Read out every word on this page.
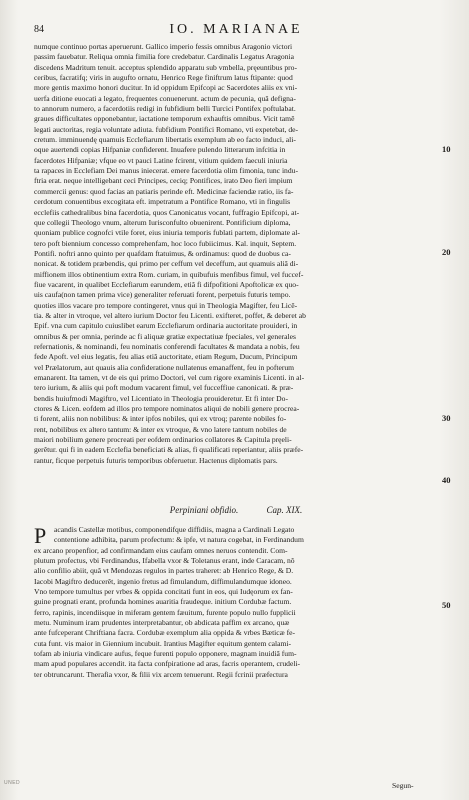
84	IO. MARIANAE
numque continuo portas aperuerunt. Gallico imperio fessis omnibus Aragonio victori
passim fauebatur. Reliqua omnia fimilia fore credebatur. Cardinalis Legatus Aragonia
discedens Madritum tenuit. acceptus splendido apparatu sub vmbella, pręeuntibus pro-
ceribus, facratifq; viris in augufto ornatu, Henrico Rege finiftrum latus ftipante: quod
more gentis maximo honori ducitur. In id oppidum Epifcopi ac Sacerdotes aliis ex vni-
uerfa ditione euocati a legato, frequentes conuenerunt. actum de pecunia, quã defigna-
to annorum numero, a facerdotiis redigi in fubfidium belli Turcici Pontifex poftulabat.
graues difficultates opponebantur, iactatione temporum exhauftis omnibus. Vicit tamẽ
legati auctoritas, regia voluntate adiuta. fubfidium Pontifici Romano, vti expetebat, de-
cretum. imminuendę quamuis Ecclefiarum libertatis exemplum ab eo facto induci, ali-
oque auertendi copias Hifpaniæ confiderent. Inuafere pulendo litterarum infcitia in
facerdotes Hifpaniæ; vfque eo vt pauci Latine fcirent, vitium quidem faeculi iniuria
ta rapaces in Ecclefiam Dei manus iniecerat. emere facerdotia olim fimonia, tunc indu-
ftria erat. neque intelligebant ceci Principes, ceciq; Pontifices, irato Deo fieri impium
commercii genus: quod facias an patiaris perinde eft. Medicinæ faciendæ ratio, iis fa-
cerdotum conuentibus excogitata eft. impetratum a Pontifice Romano, vti in fingulis
ecclefiis cathedralibus bina facerdotia, quos Canonicatus vocant, fuffragio Epifcopi, at-
que collegii Theologo vnum, alterum Iurisconfulto obuenirent. Pontificium diploma,
quoniam publice cognofci vtile foret, eius iniuria temporis fublati partem, diplomate al-
tero poft biennium concesso comprehenfam, hoc loco fubiicimus. Kal. inquit, Septem.
Pontifi. noftri anno quinto per quafdam ftatuimus, & ordinamus: quod de duobus ca-
nonicat. & totidem præbendis, qui primo per ceffum vel deceffum, aut quamuis aliã di-
miffionem illos obtinentium extra Rom. curiam, in quibufuis menfibus fimul, vel fuccef-
fiue vacarent, in qualibet Ecclefiarum earundem, etiã fi difpofitioni Apoftolicæ ex quo-
uis caufa(non tamen prima vice) generaliter referuati forent, perpetuis futuris tempo.
quoties illos vacare pro tempore contingeret, vnus qui in Theologia Magifter, feu Licẽ-
tia. & alter in vtroque, vel altero iurium Doctor feu Licenti. exifteret, poffet, & deberet ab
Epif. vna cum capitulo cuiuslibet earum Ecclefiarum ordinaria auctoritate prouideri, in
omnibus & per omnia, perinde ac fi aliquæ gratiæ expectatiuæ fpeciales, vel generales
refernationis, & nominandi, feu nominatis conferendi facultates & mandata a nobis, feu
fede Apoft. vel eius legatis, feu alias etiã auctoritate, etiam Regum, Ducum, Principum
vel Prælatorum, aut quauis alia confideratione nullatenus emanaffent, feu in pofterum
emanarent. Ita tamen, vt de eis qui primo Doctori, vel cum rigore examinis Licenti. in al-
tero iurium, & aliis qui poft modum vacarent fimul, vel fucceffiue canonicati. & præ-
bendis huiufmodi Magiftro, vel Licentiato in Theologia prouideretur. Et fi inter Do-
ctores & Licen. eofdem ad illos pro tempore nominatos aliqui de nobili genere procrea-
ti forent, aliis non nobilibus: & inter ipfos nobiles, qui ex vtroq; parente nobiles fo-
rent, nobilibus ex altero tantum: & inter ex vtroque, & vno latere tantum nobiles de
maiori nobilium genere procreati per eofdem ordinarios collatores & Capitula pręeli-
gerẽtur. qui fi in eadem Ecclefia beneficiati & alias, fi qualificati reperiantur, aliis præfe-
rantur, ficque perpetuis futuris temporibus obferuetur. Hactenus diplomatis pars.
10
20
30
40
50
Perpiniani obfidio.	Cap. XIX.
P	acandis Castellæ motibus, componendifque diffidiis, magna a Cardinali Legato
contentione adhibita, parum profectum: & ipfe, vt natura cogebat, in Ferdinandum
ex arcano propenfior, ad confirmandam eius caufam omnes neruos contendit. Com-
plutum profectus, vbi Ferdinandus, Ifabella vxor & Toletanus erant, inde Caracam, nõ
alio confilio abiit, quã vt Mendozas regulos in partes traheret: ab Henrico Rege, & D.
Iacobi Magiftro deducerẽt, ingenio fretus ad fimulandum, diffimulandumque idoneo.
Vno tempore tumultus per vrbes & oppida concitati funt in eos, qui Iudęorum ex fan-
guine prognati erant, profunda homines auaritia fraudeque. initium Cordubæ factum.
ferro, rapinis, incendiisque in miferam gentem fæuitum, furente populo nullo fupplicii
metu. Numinum iram prudentes interpretabantur, ob abdicata paffim ex arcano, quæ
ante fufceperant Chriftiana facra. Cordubæ exemplum alia oppida & vrbes Bæticæ fe-
cuta funt. vis maior in Giennium incubuit. Irantius Magifter equitum gentem calami-
tofam ab iniuria vindicare aufus, feque furenti populo opponere, magnam inuidiã fum-
mam apud populares accendit. ita facta confpiratione ad aras, facris operantem, crudeli-
ter obtruncarunt. Therafia vxor, & filii vix arcem tenuerunt. Regii fcrinii præfectura
Segun-
UNED
